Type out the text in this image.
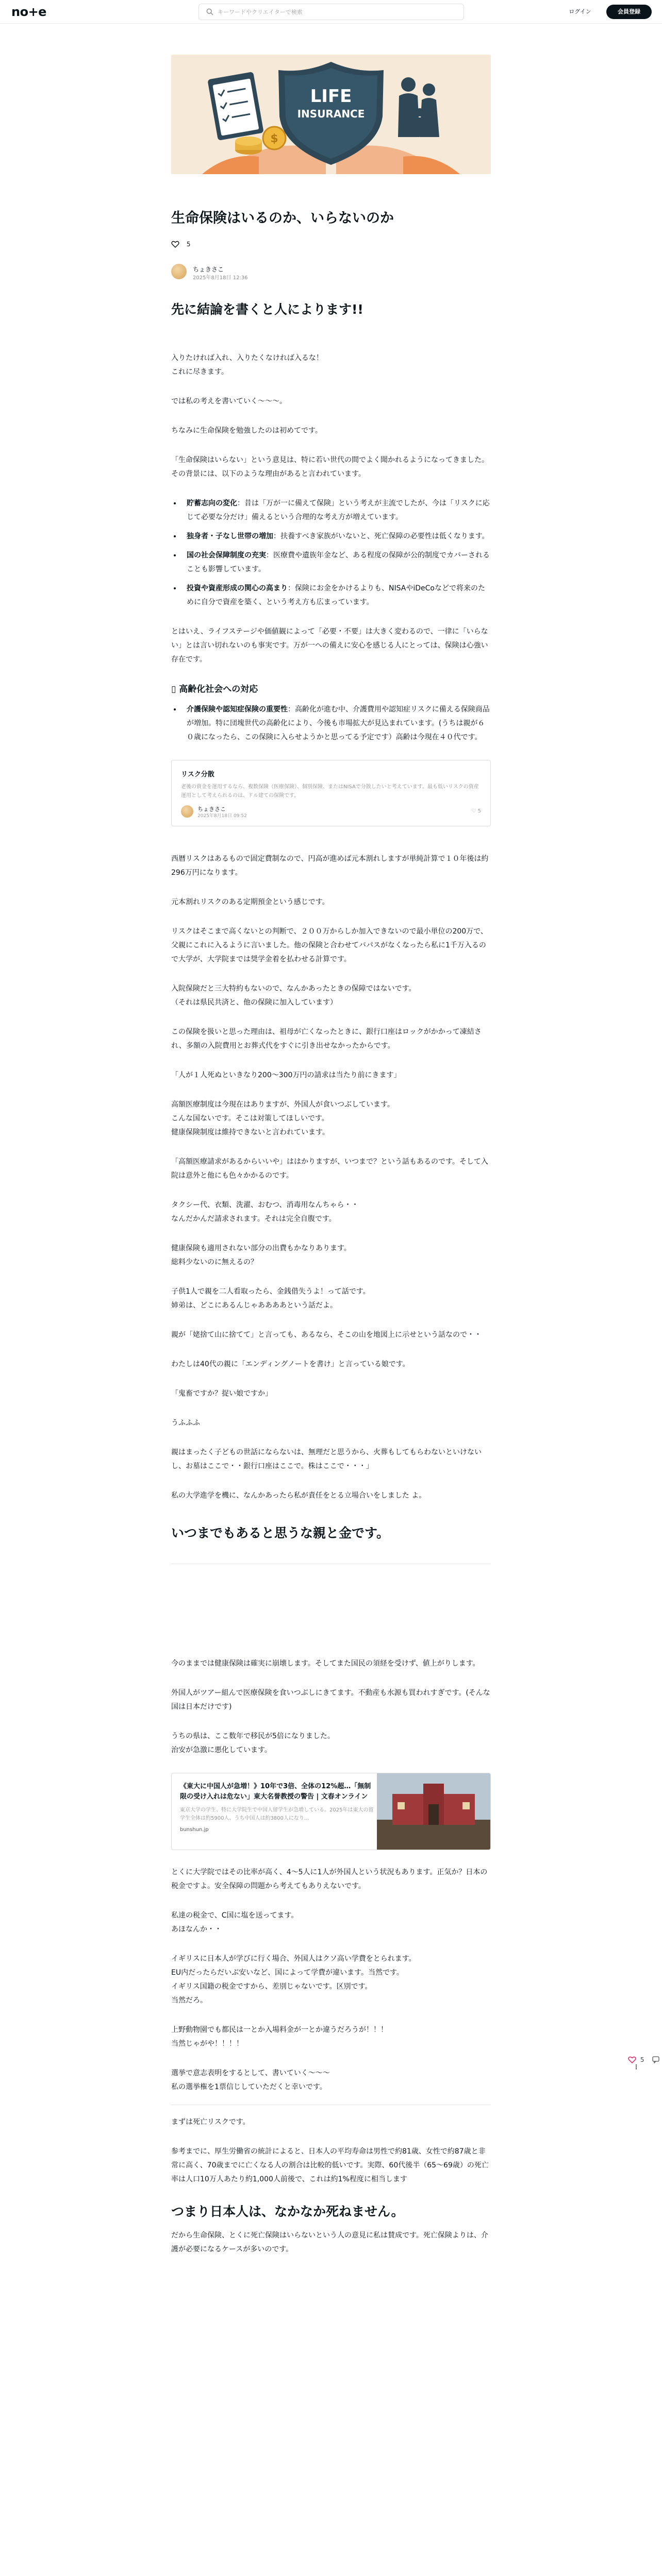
no+e
キーワードやクリエイターで検索	ログイン	会員登録
$
LIFE
INSURANCE
生命保険はいるのか、いらないのか
5
ちょきさこ
2025年8月18日 12:36
先に結論を書くと人によります!!

入りたければ入れ、入りたくなければ入るな！

これに尽きます。

では私の考えを書いていく〜〜〜。

ちなみに生命保険を勉強したのは初めてです。

「生命保険はいらない」という意見は、特に若い世代の間でよく聞かれるようになってきました。その背景には、以下のような理由があると言われています。

• 貯蓄志向の変化：昔は「万が一に備えて保険」という考えが主流でしたが、今は「リスクに応じて必要な分だけ」備えるという合理的な考え方が増えています。
• 独身者・子なし世帯の増加：扶養すべき家族がいないと、死亡保障の必要性は低くなります。
• 国の社会保障制度の充実：医療費や遺族年金など、ある程度の保障が公的制度でカバーされることも影響しています。
• 投資や資産形成の関心の高まり：保険にお金をかけるよりも、NISAやiDeCoなどで将来のために自分で資産を築く、という考え方も広まっています。

とはいえ、ライフステージや価値観によって「必要・不要」は大きく変わるので、一律に「いらない」とは言い切れないのも事実です。万が一への備えに安心を感じる人にとっては、保険は心強い存在です。

▯ 高齢化社会への対応
• 介護保険や認知症保険の重要性：高齢化が進む中、介護費用や認知症リスクに備える保険商品が増加。特に団塊世代の高齢化により、今後も市場拡大が見込まれています。(うちは親が６０歳になったら、この保険に入らせようかと思ってる予定です）高齢は今現在４０代です。
リスク分散
老後の資金を運用するなら、複数保険（医療保険）、個別保険、またはNISAで分散したいと考えています。最も低いリスクの資産運用として考えられるのは、ドル建ての保険です。
ちょきさこ
2025年8月18日 09:52
♡ 5

西暦リスクはあるもので固定費制なので、円高が進めば元本割れしますが単純計算で１０年後は約296万円になります。

元本割れリスクのある定期預金という感じです。

リスクはそこまで高くないとの判断で、２００万からしか加入できないので最小単位の200万で、父親にこれに入るように言いました。他の保険と合わせてバパスがなくなったら私に1千万入るので大学が、大学院までは奨学金着を払わせる計算です。

入院保険だと三大特約もないので、なんかあったときの保障ではないです。

（それは県民共済と、他の保険に加入しています）

この保険を扱いと思った理由は、祖母が亡くなったときに、銀行口座はロックがかかって凍結され、多額の入院費用とお葬式代をすぐに引き出せなかったからです。

「人が１人死ぬといきなり200〜300万円の請求は当たり前にきます」

高額医療制度は今現在はありますが、外国人が食いつぶしています。

こんな国ないです。そこは対策してほしいです。

健康保険制度は維持できないと言われています。

「高額医療請求があるからいいや」ははかりますが、いつまで？という話もあるのです。そして入院は意外と他にも色々かかるのです。

タクシー代、衣類、洗濯、おむつ、消毒用なんちゃら・・

なんだかんだ請求されます。それは完全自腹です。

健康保険も適用されない部分の出費もかなりあります。

総料少ないのに無えるの？

子供1人で親を二人看取ったら、金銭借失うよ！って話です。

姉弟は、どこにあるんじゃああああという話だよ。

親が「姥捨て山に捨てて」と言っても、あるなら、そこの山を地図上に示せという話なので・・

わたしは40代の親に「エンディングノートを書け」と言っている娘です。

「鬼畜ですか？捉い娘ですか」

うふふふ

親はまったく子どもの世話にならないは、無理だと思うから、火葬もしてもらわないといけないし、お墓はここで・・銀行口座はここで。株はここで・・・」

私の大学進学を機に、なんかあったら私が責任をとる立場合いをしました よ。

いつまでもあると思うな親と金です。

今のままでは健康保険は確実に崩壊します。そしてまた国民の須経を受けず、値上がりします。

外国人がツアー組んで医療保険を食いつぶしにきてます。不動産も水源も買われすぎです。(そんな国は日本だけです)

うちの県は、ここ数年で移民が5倍になりました。

治安が急激に悪化しています。

《東大に中国人が急増！》10年で3倍、全体の12%超…「無制限の受け入れは危ない」東大名誉教授の警告 | 文春オンライン
東京大学の学生、特に大学院生で中国人留学生が急増している。2025年は東大の留学生全体は約5900人、うち中国人は約3800人になり...
bunshun.jp

とくに大学院ではその比率が高く、4〜5人に1人が外国人という状況もあります。正気か？日本の税金ですよ。安全保障の問題から考えてもありえないです。

私達の税金で、C国に塩を送ってます。

あほなんか・・

イギリスに日本人が学びに行く場合、外国人はクソ高い学費をとられます。

EU内だったらだいぶ安いなど、国によって学費が違います。当然です。

イギリス国籍の税金ですから、差別じゃないです。区別です。

当然だろ。

上野動物園でも都民は一とか入場料金が一とか違うだろうが！！！

当然じゃがや！！！！

選挙で意志表明をするとして、書いていく〜〜〜

私の選挙権を1票信じしていただくと幸いです。

まずは死亡リスクです。

参考までに、厚生労働省の統計によると、日本人の平均寿命は男性で約81歳、女性で約87歳と非常に高く、70歳までに亡くなる人の割合は比較的低いです。実際、60代後半（65〜69歳）の死亡率は人口10万人あたり約1,000人前後で、これは約1%程度に相当します

つまり日本人は、なかなか死ねません。

だから生命保険、とくに死亡保険はいらないという人の意見に私は賛成です。死亡保険よりは、介護が必要になるケースが多いのです。

5  ⋮
